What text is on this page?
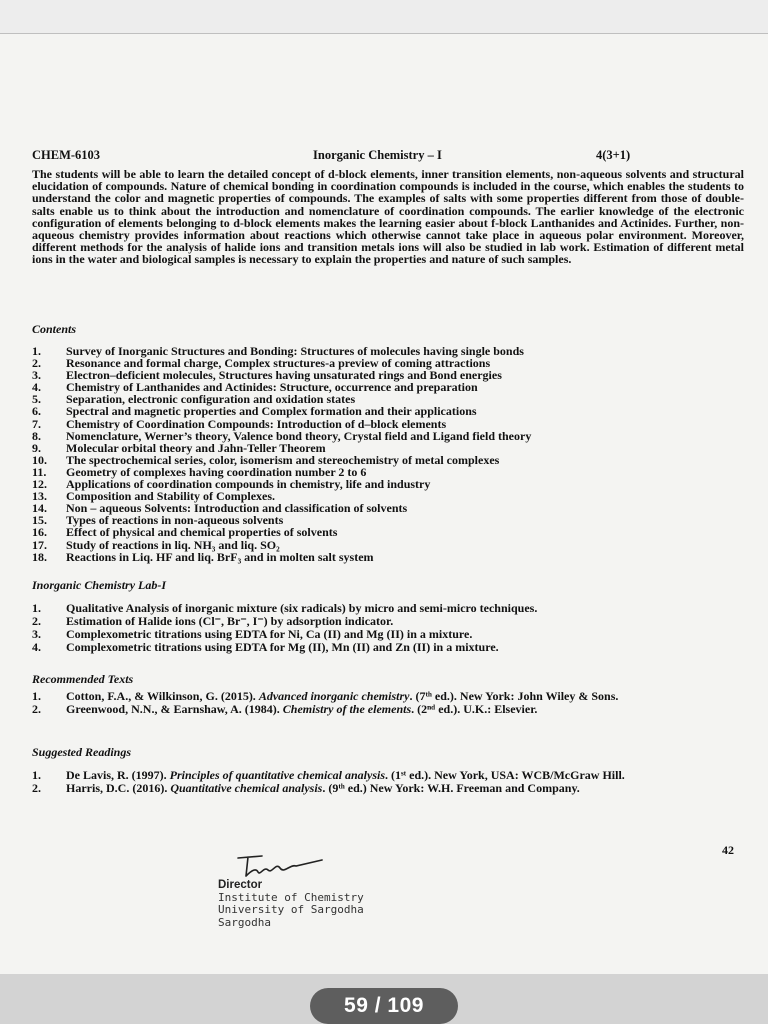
CHEM-6103	Inorganic Chemistry – I	4(3+1)
The students will be able to learn the detailed concept of d-block elements, inner transition elements, non-aqueous solvents and structural elucidation of compounds. Nature of chemical bonding in coordination compounds is included in the course, which enables the students to understand the color and magnetic properties of compounds. The examples of salts with some properties different from those of double-salts enable us to think about the introduction and nomenclature of coordination compounds. The earlier knowledge of the electronic configuration of elements belonging to d-block elements makes the learning easier about f-block Lanthanides and Actinides. Further, non-aqueous chemistry provides information about reactions which otherwise cannot take place in aqueous polar environment. Moreover, different methods for the analysis of halide ions and transition metals ions will also be studied in lab work. Estimation of different metal ions in the water and biological samples is necessary to explain the properties and nature of such samples.
Contents
1. Survey of Inorganic Structures and Bonding: Structures of molecules having single bonds
2. Resonance and formal charge, Complex structures-a preview of coming attractions
3. Electron–deficient molecules, Structures having unsaturated rings and Bond energies
4. Chemistry of Lanthanides and Actinides: Structure, occurrence and preparation
5. Separation, electronic configuration and oxidation states
6. Spectral and magnetic properties and Complex formation and their applications
7. Chemistry of Coordination Compounds: Introduction of d–block elements
8. Nomenclature, Werner’s theory, Valence bond theory, Crystal field and Ligand field theory
9. Molecular orbital theory and Jahn-Teller Theorem
10. The spectrochemical series, color, isomerism and stereochemistry of metal complexes
11. Geometry of complexes having coordination number 2 to 6
12. Applications of coordination compounds in chemistry, life and industry
13. Composition and Stability of Complexes.
14. Non – aqueous Solvents: Introduction and classification of solvents
15. Types of reactions in non-aqueous solvents
16. Effect of physical and chemical properties of solvents
17. Study of reactions in liq. NH₃ and liq. SO₂
18. Reactions in Liq. HF and liq. BrF₃ and in molten salt system
Inorganic Chemistry Lab-I
1. Qualitative Analysis of inorganic mixture (six radicals) by micro and semi-micro techniques.
2. Estimation of Halide ions (Cl⁻, Br⁻, I⁻) by adsorption indicator.
3. Complexometric titrations using EDTA for Ni, Ca (II) and Mg (II) in a mixture.
4. Complexometric titrations using EDTA for Mg (II), Mn (II) and Zn (II) in a mixture.
Recommended Texts
1. Cotton, F.A., & Wilkinson, G. (2015). Advanced inorganic chemistry. (7ᵗʰ ed.). New York: John Wiley & Sons.
2. Greenwood, N.N., & Earnshaw, A. (1984). Chemistry of the elements. (2ⁿᵈ ed.). U.K.: Elsevier.
Suggested Readings
1. De Lavis, R. (1997). Principles of quantitative chemical analysis. (1ˢᵗ ed.). New York, USA: WCB/McGraw Hill.
2. Harris, D.C. (2016). Quantitative chemical analysis. (9ᵗʰ ed.) New York: W.H. Freeman and Company.
42
Director
Institute of Chemistry
University of Sargodha
Sargodha
59 / 109
